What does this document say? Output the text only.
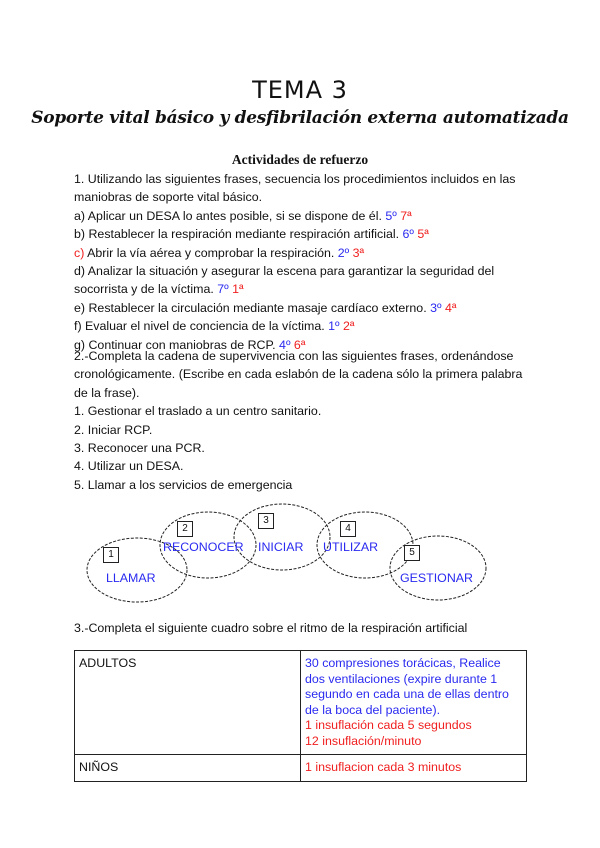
TEMA 3
Soporte vital básico y desfibrilación externa automatizada
Actividades de refuerzo
1. Utilizando las siguientes frases, secuencia los procedimientos incluidos en las maniobras de soporte vital básico.
a) Aplicar un DESA lo antes posible, si se dispone de él. 5º 7ª
b) Restablecer la respiración mediante respiración artificial. 6º 5ª
c) Abrir la vía aérea y comprobar la respiración. 2º 3ª
d) Analizar la situación y asegurar la escena para garantizar la seguridad del socorrista y de la víctima. 7º 1ª
e) Restablecer la circulación mediante masaje cardíaco externo. 3º 4ª
f) Evaluar el nivel de conciencia de la víctima. 1º 2ª
g) Continuar con maniobras de RCP. 4º 6ª
2.-Completa la cadena de supervivencia con las siguientes frases, ordenándose cronológicamente. (Escribe en cada eslabón de la cadena sólo la primera palabra de la frase).
1. Gestionar el traslado a un centro sanitario.
2. Iniciar RCP.
3. Reconocer una PCR.
4. Utilizar un DESA.
5. Llamar a los servicios de emergencia
1
2
3
4
5
LLAMAR
RECONOCER INICIAR UTILIZAR
GESTIONAR
3.-Completa el siguiente cuadro sobre el ritmo de la respiración artificial
ADULTOS	30 compresiones torácicas, Realice dos ventilaciones (expire durante 1 segundo en cada una de ellas dentro de la boca del paciente).
1 insuflación cada 5 segundos
12 insuflación/minuto

NIÑOS	1 insuflacion cada 3 minutos
